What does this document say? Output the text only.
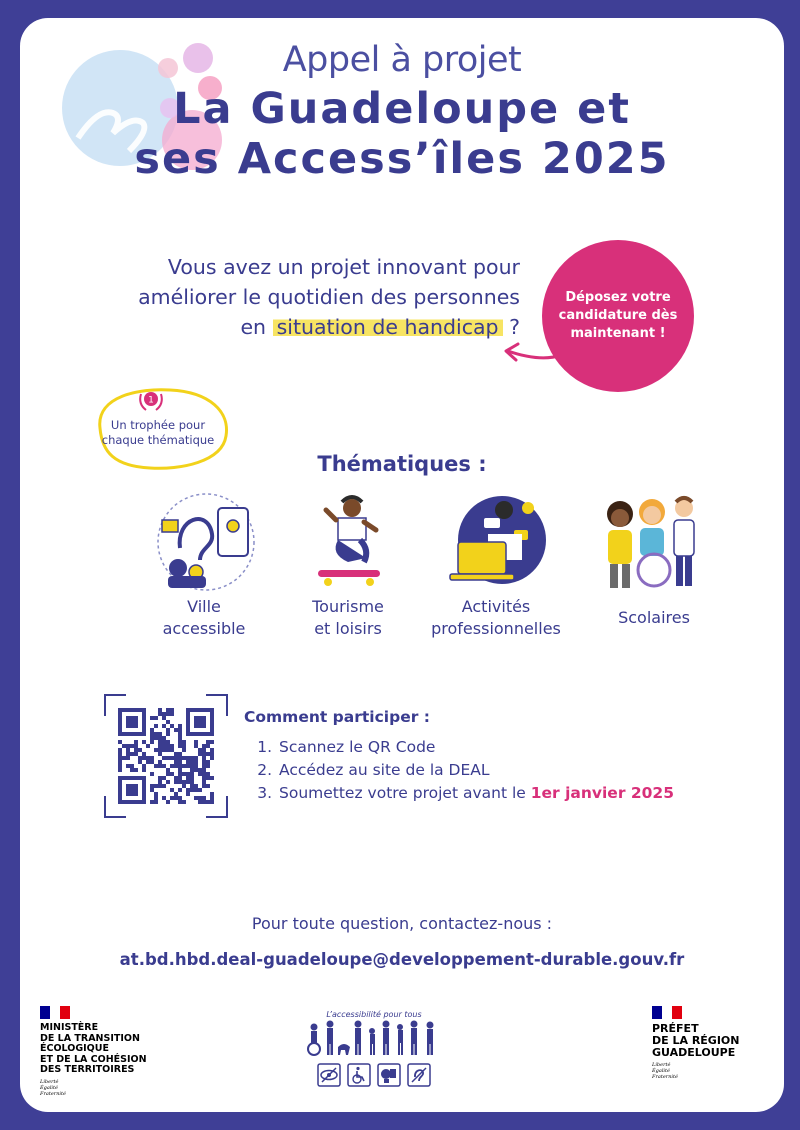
Appel à projet
La Guadeloupe et
ses Access’îles 2025
Vous avez un projet innovant pour
améliorer le quotidien des personnes
en situation de handicap ?
Déposez votre
candidature dès
maintenant !
1
Un trophée pour
chaque thématique
Thématiques :
Ville
accessible
Tourisme
et loisirs
Activités
professionnelles
Scolaires
Comment participer :
1. Scannez le QR Code
2. Accédez au site de la DEAL
3. Soumettez votre projet avant le 1er janvier 2025
Pour toute question, contactez-nous :
at.bd.hbd.deal-guadeloupe@developpement-durable.gouv.fr
MINISTÈRE
DE LA TRANSITION
ÉCOLOGIQUE
ET DE LA COHÉSION
DES TERRITOIRES
Liberté
Égalité
Fraternité
L’accessibilité pour tous
PRÉFET
DE LA RÉGION
GUADELOUPE
Liberté
Égalité
Fraternité
